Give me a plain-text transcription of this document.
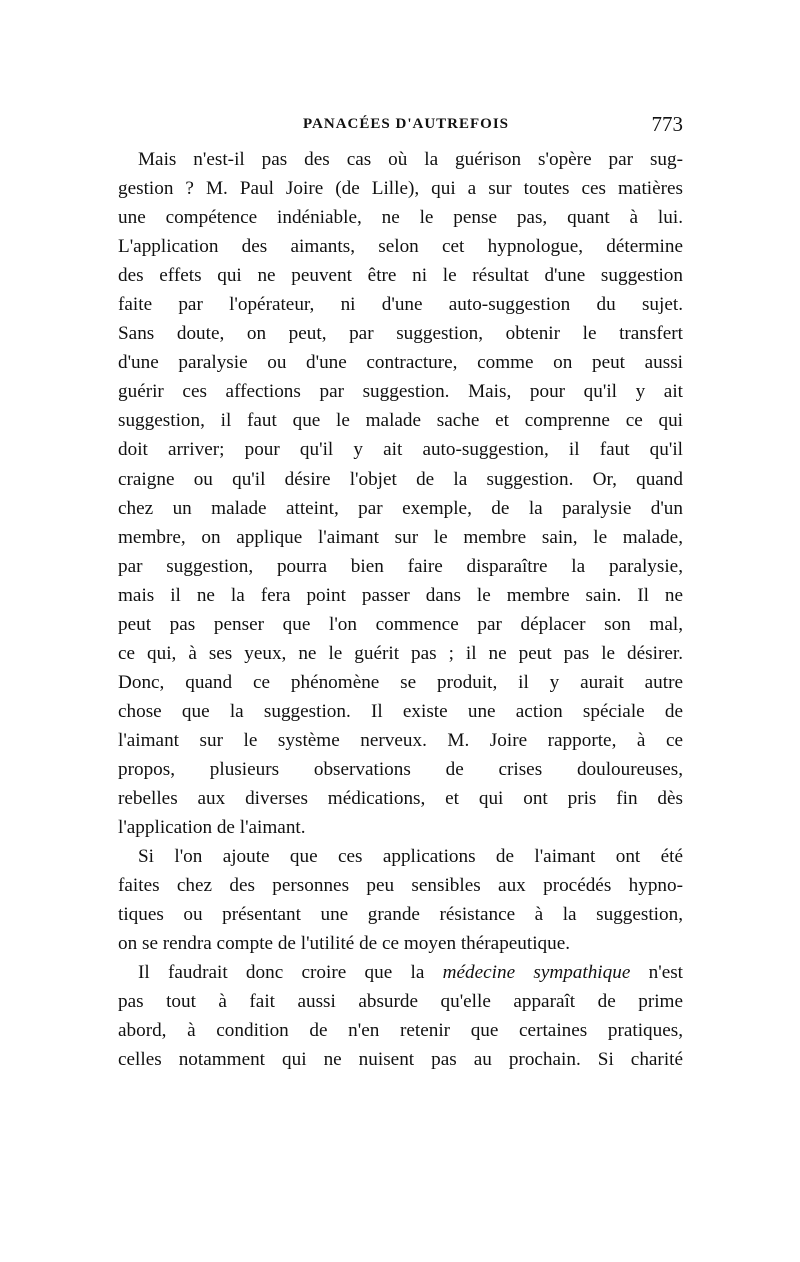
PANACÉES D'AUTREFOIS	773
Mais n'est-il pas des cas où la guérison s'opère par sug-
gestion ? M. Paul Joire (de Lille), qui a sur toutes ces matières
une compétence indéniable, ne le pense pas, quant à lui.
L'application des aimants, selon cet hypnologue, détermine
des effets qui ne peuvent être ni le résultat d'une suggestion
faite par l'opérateur, ni d'une auto-suggestion du sujet.
Sans doute, on peut, par suggestion, obtenir le transfert
d'une paralysie ou d'une contracture, comme on peut aussi
guérir ces affections par suggestion. Mais, pour qu'il y ait
suggestion, il faut que le malade sache et comprenne ce qui
doit arriver; pour qu'il y ait auto-suggestion, il faut qu'il
craigne ou qu'il désire l'objet de la suggestion. Or, quand
chez un malade atteint, par exemple, de la paralysie d'un
membre, on applique l'aimant sur le membre sain, le malade,
par suggestion, pourra bien faire disparaître la paralysie,
mais il ne la fera point passer dans le membre sain. Il ne
peut pas penser que l'on commence par déplacer son mal,
ce qui, à ses yeux, ne le guérit pas ; il ne peut pas le désirer.
Donc, quand ce phénomène se produit, il y aurait autre
chose que la suggestion. Il existe une action spéciale de
l'aimant sur le système nerveux. M. Joire rapporte, à ce
propos, plusieurs observations de crises douloureuses,
rebelles aux diverses médications, et qui ont pris fin dès
l'application de l'aimant.
Si l'on ajoute que ces applications de l'aimant ont été
faites chez des personnes peu sensibles aux procédés hypno-
tiques ou présentant une grande résistance à la suggestion,
on se rendra compte de l'utilité de ce moyen thérapeutique.
Il faudrait donc croire que la médecine sympathique n'est
pas tout à fait aussi absurde qu'elle apparaît de prime
abord, à condition de n'en retenir que certaines pratiques,
celles notamment qui ne nuisent pas au prochain. Si charité
